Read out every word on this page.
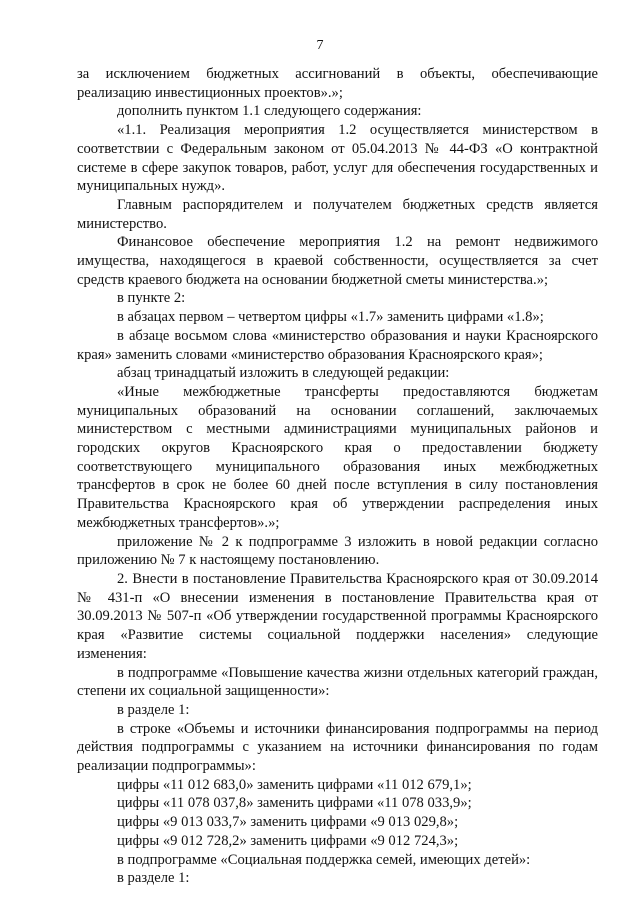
7

за исключением бюджетных ассигнований в объекты, обеспечивающие реализацию инвестиционных проектов».»;

дополнить пунктом 1.1 следующего содержания:

«1.1. Реализация мероприятия 1.2 осуществляется министерством в соответствии с Федеральным законом от 05.04.2013 № 44-ФЗ «О контрактной системе в сфере закупок товаров, работ, услуг для обеспечения государственных и муниципальных нужд».

Главным распорядителем и получателем бюджетных средств является министерство.

Финансовое обеспечение мероприятия 1.2 на ремонт недвижимого имущества, находящегося в краевой собственности, осуществляется за счет средств краевого бюджета на основании бюджетной сметы министерства.»;

в пункте 2:

в абзацах первом – четвертом цифры «1.7» заменить цифрами «1.8»;

в абзаце восьмом слова «министерство образования и науки Красноярского края» заменить словами «министерство образования Красноярского края»;

абзац тринадцатый изложить в следующей редакции:

«Иные межбюджетные трансферты предоставляются бюджетам муниципальных образований на основании соглашений, заключаемых министерством с местными администрациями муниципальных районов и городских округов Красноярского края о предоставлении бюджету соответствующего муниципального образования иных межбюджетных трансфертов в срок не более 60 дней после вступления в силу постановления Правительства Красноярского края об утверждении распределения иных межбюджетных трансфертов».»;

приложение № 2 к подпрограмме 3 изложить в новой редакции согласно приложению № 7 к настоящему постановлению.

2. Внести в постановление Правительства Красноярского края от 30.09.2014 № 431-п «О внесении изменения в постановление Правительства края от 30.09.2013 № 507-п «Об утверждении государственной программы Красноярского края «Развитие системы социальной поддержки населения» следующие изменения:

в подпрограмме «Повышение качества жизни отдельных категорий граждан, степени их социальной защищенности»:

в разделе 1:

в строке «Объемы и источники финансирования подпрограммы на период действия подпрограммы с указанием на источники финансирования по годам реализации подпрограммы»:

цифры «11 012 683,0» заменить цифрами «11 012 679,1»;

цифры «11 078 037,8» заменить цифрами «11 078 033,9»;

цифры «9 013 033,7» заменить цифрами «9 013 029,8»;

цифры «9 012 728,2» заменить цифрами «9 012 724,3»;

в подпрограмме «Социальная поддержка семей, имеющих детей»:

в разделе 1:
